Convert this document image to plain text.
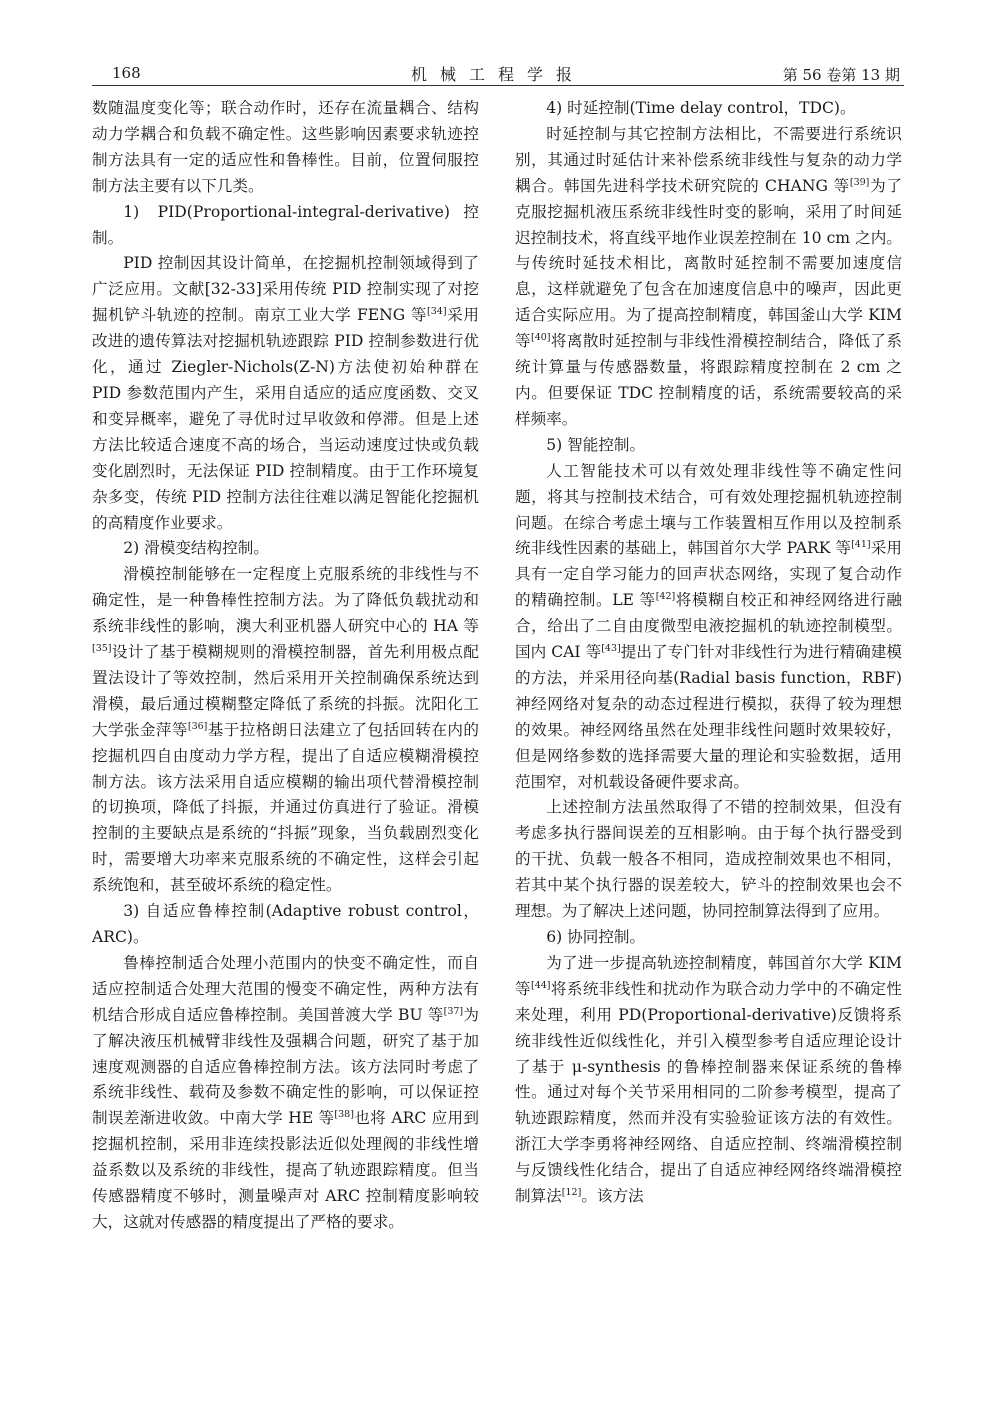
168	机械工程学报	第 56 卷第 13 期

数随温度变化等；联合动作时，还存在流量耦合、结构动力学耦合和负载不确定性。这些影响因素要求轨迹控制方法具有一定的适应性和鲁棒性。目前，位置伺服控制方法主要有以下几类。

1) PID(Proportional-integral-derivative)控制。

PID 控制因其设计简单，在挖掘机控制领域得到了广泛应用。文献[32-33]采用传统 PID 控制实现了对挖掘机铲斗轨迹的控制。南京工业大学 FENG 等[34]采用改进的遗传算法对挖掘机轨迹跟踪 PID 控制参数进行优化，通过 Ziegler-Nichols(Z-N)方法使初始种群在 PID 参数范围内产生，采用自适应的适应度函数、交叉和变异概率，避免了寻优时过早收敛和停滞。但是上述方法比较适合速度不高的场合，当运动速度过快或负载变化剧烈时，无法保证 PID 控制精度。由于工作环境复杂多变，传统 PID 控制方法往往难以满足智能化挖掘机的高精度作业要求。

2) 滑模变结构控制。

滑模控制能够在一定程度上克服系统的非线性与不确定性，是一种鲁棒性控制方法。为了降低负载扰动和系统非线性的影响，澳大利亚机器人研究中心的 HA 等[35]设计了基于模糊规则的滑模控制器，首先利用极点配置法设计了等效控制，然后采用开关控制确保系统达到滑模，最后通过模糊整定降低了系统的抖振。沈阳化工大学张金萍等[36]基于拉格朗日法建立了包括回转在内的挖掘机四自由度动力学方程，提出了自适应模糊滑模控制方法。该方法采用自适应模糊的输出项代替滑模控制的切换项，降低了抖振，并通过仿真进行了验证。滑模控制的主要缺点是系统的“抖振”现象，当负载剧烈变化时，需要增大功率来克服系统的不确定性，这样会引起系统饱和，甚至破坏系统的稳定性。

3) 自适应鲁棒控制(Adaptive robust control，ARC)。

鲁棒控制适合处理小范围内的快变不确定性，而自适应控制适合处理大范围的慢变不确定性，两种方法有机结合形成自适应鲁棒控制。美国普渡大学 BU 等[37]为了解决液压机械臂非线性及强耦合问题，研究了基于加速度观测器的自适应鲁棒控制方法。该方法同时考虑了系统非线性、载荷及参数不确定性的影响，可以保证控制误差渐进收敛。中南大学 HE 等[38]也将 ARC 应用到挖掘机控制，采用非连续投影法近似处理阀的非线性增益系数以及系统的非线性，提高了轨迹跟踪精度。但当传感器精度不够时，测量噪声对 ARC 控制精度影响较大，这就对传感器的精度提出了严格的要求。

4) 时延控制(Time delay control，TDC)。

时延控制与其它控制方法相比，不需要进行系统识别，其通过时延估计来补偿系统非线性与复杂的动力学耦合。韩国先进科学技术研究院的 CHANG 等[39]为了克服挖掘机液压系统非线性时变的影响，采用了时间延迟控制技术，将直线平地作业误差控制在 10 cm 之内。与传统时延技术相比，离散时延控制不需要加速度信息，这样就避免了包含在加速度信息中的噪声，因此更适合实际应用。为了提高控制精度，韩国釜山大学 KIM 等[40]将离散时延控制与非线性滑模控制结合，降低了系统计算量与传感器数量，将跟踪精度控制在 2 cm 之内。但要保证 TDC 控制精度的话，系统需要较高的采样频率。

5) 智能控制。

人工智能技术可以有效处理非线性等不确定性问题，将其与控制技术结合，可有效处理挖掘机轨迹控制问题。在综合考虑土壤与工作装置相互作用以及控制系统非线性因素的基础上，韩国首尔大学 PARK 等[41]采用具有一定自学习能力的回声状态网络，实现了复合动作的精确控制。LE 等[42]将模糊自校正和神经网络进行融合，给出了二自由度微型电液挖掘机的轨迹控制模型。国内 CAI 等[43]提出了专门针对非线性行为进行精确建模的方法，并采用径向基(Radial basis function，RBF)神经网络对复杂的动态过程进行模拟，获得了较为理想的效果。神经网络虽然在处理非线性问题时效果较好，但是网络参数的选择需要大量的理论和实验数据，适用范围窄，对机载设备硬件要求高。

上述控制方法虽然取得了不错的控制效果，但没有考虑多执行器间误差的互相影响。由于每个执行器受到的干扰、负载一般各不相同，造成控制效果也不相同，若其中某个执行器的误差较大，铲斗的控制效果也会不理想。为了解决上述问题，协同控制算法得到了应用。

6) 协同控制。

为了进一步提高轨迹控制精度，韩国首尔大学 KIM 等[44]将系统非线性和扰动作为联合动力学中的不确定性来处理，利用 PD(Proportional-derivative)反馈将系统非线性近似线性化，并引入模型参考自适应理论设计了基于 μ-synthesis 的鲁棒控制器来保证系统的鲁棒性。通过对每个关节采用相同的二阶参考模型，提高了轨迹跟踪精度，然而并没有实验验证该方法的有效性。浙江大学李勇将神经网络、自适应控制、终端滑模控制与反馈线性化结合，提出了自适应神经网络终端滑模控制算法[12]。该方法
